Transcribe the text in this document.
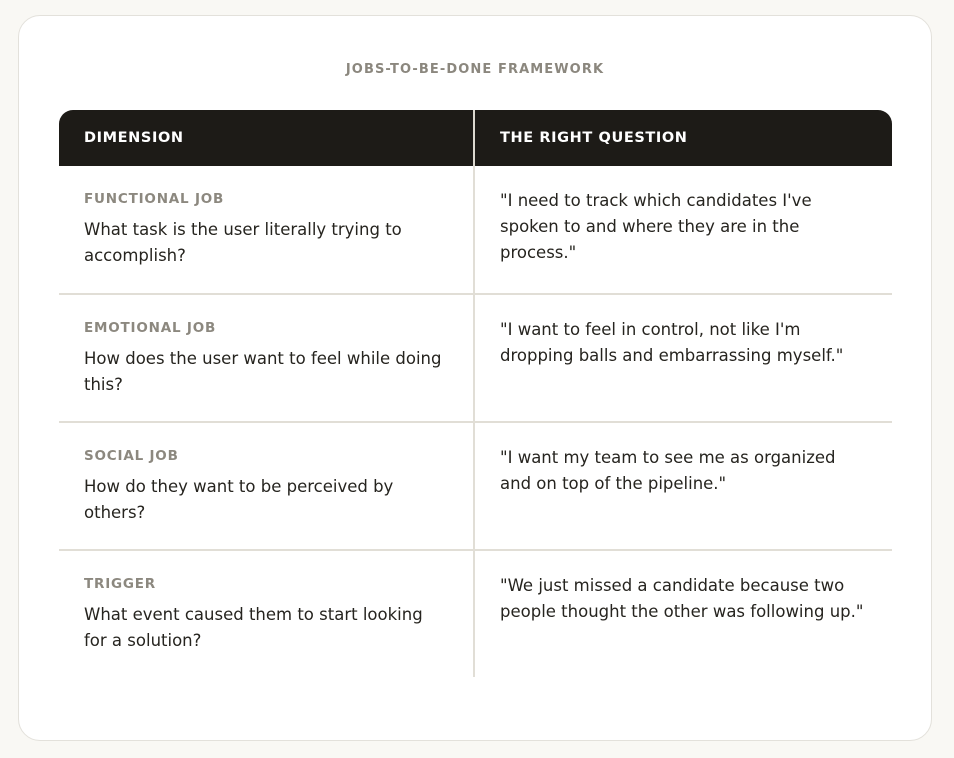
JOBS-TO-BE-DONE FRAMEWORK
DIMENSION	THE RIGHT QUESTION
FUNCTIONAL JOB

What task is the user literally trying to accomplish?

"I need to track which candidates I've spoken to and where they are in the process."

EMOTIONAL JOB

How does the user want to feel while doing this?

"I want to feel in control, not like I'm dropping balls and embarrassing myself."

SOCIAL JOB

How do they want to be perceived by others?

"I want my team to see me as organized and on top of the pipeline."

TRIGGER

What event caused them to start looking for a solution?

"We just missed a candidate because two people thought the other was following up."
